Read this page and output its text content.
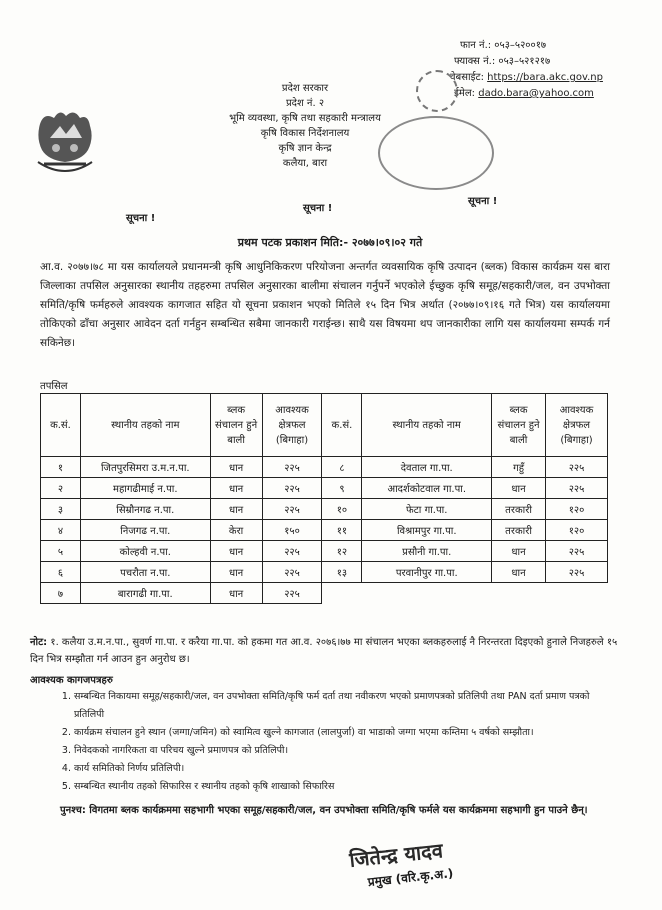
प्रदेश सरकार
प्रदेश नं. २
भूमि व्यवस्था, कृषि तथा सहकारी मन्त्रालय
कृषि विकास निर्देशनालय
कृषि ज्ञान केन्द्र
कलैया, बारा
फान नं.: ०५३–५२००१७
फ्याक्स नं.: ०५३–५२१२१७
वेबसाईट: https://bara.akc.gov.np
ईमेल: dado.bara@yahoo.com
सूचना !
सूचना !
सूचना !
प्रथम पटक प्रकाशन मिति:- २०७७।०९।०२ गते
आ.व. २०७७।७८ मा यस कार्यालयले प्रधानमन्त्री कृषि आधुनिकिकरण परियोजना अन्तर्गत व्यवसायिक कृषि उत्पादन (ब्लक) विकास कार्यक्रम यस बारा जिल्लाका तपसिल अनुसारका स्थानीय तहहरुमा तपसिल अनुसारका बालीमा संचालन गर्नुपर्ने भएकोले ईच्छुक कृषि समूह/सहकारी/जल, वन उपभोक्ता समिति/कृषि फर्महरुले आवश्यक कागजात सहित यो सूचना प्रकाशन भएको मितिले १५ दिन भित्र अर्थात (२०७७।०९।१६ गते भित्र) यस कार्यालयमा तोकिएको ढाँचा अनुसार आवेदन दर्ता गर्नहुन सम्बन्धित सबैमा जानकारी गराईन्छ। साथै यस विषयमा थप जानकारीका लागि यस कार्यालयमा सम्पर्क गर्न सकिनेछ।
तपसिल
क.सं.	स्थानीय तहको नाम	ब्लक संचालन हुने बाली	आवश्यक क्षेत्रफल (बिगाहा)	क.सं.	स्थानीय तहको नाम	ब्लक संचालन हुने बाली	आवश्यक क्षेत्रफल (बिगाहा)
१	जितपुरसिमरा उ.म.न.पा.	धान	२२५	८	देवताल गा.पा.	गहुँ	२२५
२	महागढीमाई न.पा.	धान	२२५	९	आदर्शकोटवाल गा.पा.	धान	२२५
३	सिम्रौनगढ न.पा.	धान	२२५	१०	फेटा गा.पा.	तरकारी	१२०
४	निजगढ न.पा.	केरा	१५०	११	विश्रामपुर गा.पा.	तरकारी	१२०
५	कोल्हवी न.पा.	धान	२२५	१२	प्रसौनी गा.पा.	धान	२२५
६	पचरौता न.पा.	धान	२२५	१३	परवानीपुर गा.पा.	धान	२२५
७	बारागढी गा.पा.	धान	२२५				
नोट: १. कलैया उ.म.न.पा., सुवर्ण गा.पा. र करैया गा.पा. को हकमा गत आ.व. २०७६।७७ मा संचालन भएका ब्लकहरुलाई नै निरन्तरता दिइएको हुनाले निजहरुले १५ दिन भित्र सम्झौता गर्न आउन हुन अनुरोध छ।
आवश्यक कागजपत्रहरु
1. सम्बन्धित निकायमा समूह/सहकारी/जल, वन उपभोक्ता समिति/कृषि फर्म दर्ता तथा नवीकरण भएको प्रमाणपत्रको प्रतिलिपी तथा PAN दर्ता प्रमाण पत्रको प्रतिलिपी
2. कार्यक्रम संचालन हुने स्थान (जग्गा/जमिन) को स्वामित्व खुल्ने कागजात (लालपुर्जा) वा भाडाको जग्गा भएमा कम्तिमा ५ वर्षको सम्झौता।
3. निवेदकको नागरिकता वा परिचय खुल्ने प्रमाणपत्र को प्रतिलिपी।
4. कार्य समितिको निर्णय प्रतिलिपी।
5. सम्बन्धित स्थानीय तहको सिफारिस र स्थानीय तहको कृषि शाखाको सिफारिस
पुनश्च: विगतमा ब्लक कार्यक्रममा सहभागी भएका समूह/सहकारी/जल, वन उपभोक्ता समिति/कृषि फर्मले यस कार्यक्रममा सहभागी हुन पाउने छैन्।
जितेन्द्र यादव
प्रमुख (वरि.कृ.अ.)
